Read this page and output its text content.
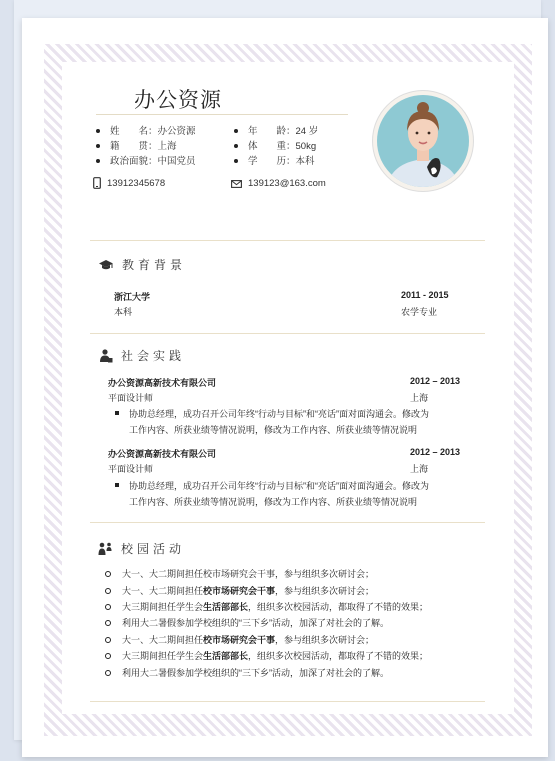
办公资源
姓　　名：办公资源
籍　　贯：上海
政治面貌：中国党员
年　　龄：24 岁
体　　重：50kg
学　　历：本科
13912345678	139123@163.com
教育背景
浙江大学	2011 - 2015
本科	农学专业
社会实践
办公资源高新技术有限公司	2012 – 2013
平面设计师	上海
协助总经理，成功召开公司年终“行动与目标”和“亮话”面对面沟通会。修改为
工作内容、所获业绩等情况说明，修改为工作内容、所获业绩等情况说明
办公资源高新技术有限公司	2012 – 2013
平面设计师	上海
协助总经理，成功召开公司年终“行动与目标”和“亮话”面对面沟通会。修改为
工作内容、所获业绩等情况说明，修改为工作内容、所获业绩等情况说明
校园活动
大一、大二期间担任校市场研究会干事，参与组织多次研讨会；
大一、大二期间担任校市场研究会干事，参与组织多次研讨会；
大三期间担任学生会生活部部长，组织多次校园活动，都取得了不错的效果；
利用大二暑假参加学校组织的“三下乡”活动，加深了对社会的了解。
大一、大二期间担任校市场研究会干事，参与组织多次研讨会；
大三期间担任学生会生活部部长，组织多次校园活动，都取得了不错的效果；
利用大二暑假参加学校组织的“三下乡”活动，加深了对社会的了解。
